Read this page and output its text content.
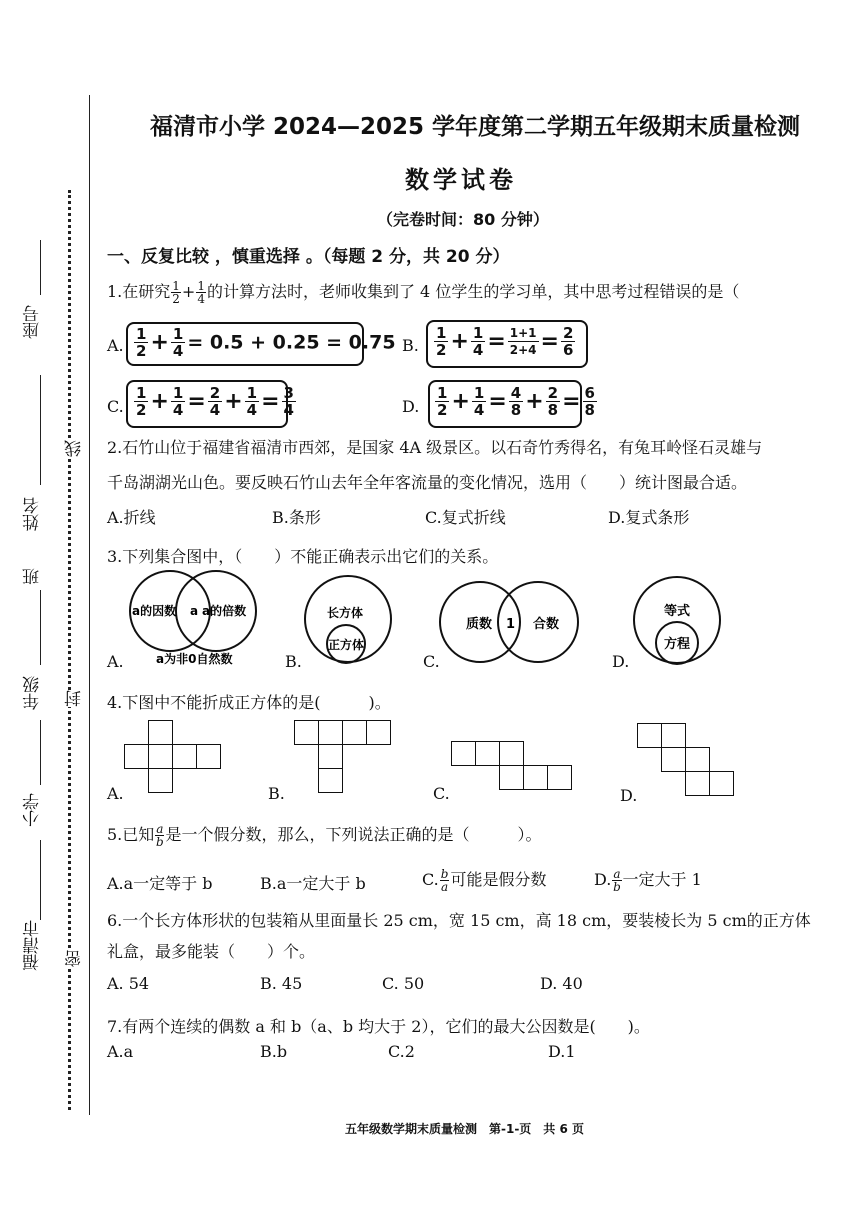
座号
线
姓名
班
年级 封
小学
福清市 密
福清市小学 2024—2025 学年度第二学期五年级期末质量检测
数学试卷
（完卷时间：80 分钟）
一、反复比较 ，慎重选择 。（每题 2 分，共 20 分）
1.在研究 $\frac{1}{2} + \frac{1}{4}$ 的计算方法时，老师收集到了 4 位学生的学习单，其中思考过程错误的是（
A. $\frac{1}{2} + \frac{1}{4} = 0.5 + 0.25 = 0.75$ B. $\frac{1}{2} + \frac{1}{4} = \frac{1+1}{2+4} = \frac{2}{6}$
C. $\frac{1}{2} + \frac{1}{4} = \frac{2}{4} + \frac{1}{4} = \frac{3}{4}$	D. $\frac{1}{2} + \frac{1}{4} = \frac{4}{8} + \frac{2}{8} = \frac{6}{8}$
2.石竹山位于福建省福清市西郊，是国家 4A 级景区。以石奇竹秀得名，有兔耳岭怪石灵雄与
千岛湖湖光山色。要反映石竹山去年全年客流量的变化情况，选用（　　）统计图最合适。
A.折线	B.条形	C.复式折线	D.复式条形
3.下列集合图中，（　　）不能正确表示出它们的关系。
A.
a的因数 a a的倍数
a为非0自然数	B.
长方体
正方体
C.
质数 1 合数
D.
等式
方程
4.下图中不能折成正方体的是(　　　)。
A.	B.	C.	D.
5.已知 $\frac{a}{b}$ 是一个假分数，那么，下列说法正确的是（　　　）。
A.a一定等于 b	B.a一定大于 b	C. $\frac{b}{a}$ 可能是假分数	D. $\frac{a}{b}$ 一定大于 1
6.一个长方体形状的包装箱从里面量长 25 cm，宽 15 cm，高 18 cm，要装棱长为 5 cm的正方体
礼盒，最多能装（　　）个。
A. 54	B. 45	C. 50	D. 40
7.有两个连续的偶数 a 和 b（a、b 均大于 2），它们的最大公因数是(　　)。
A.a	B.b	C.2	D.1
五年级数学期末质量检测　第-1-页　共 6 页
